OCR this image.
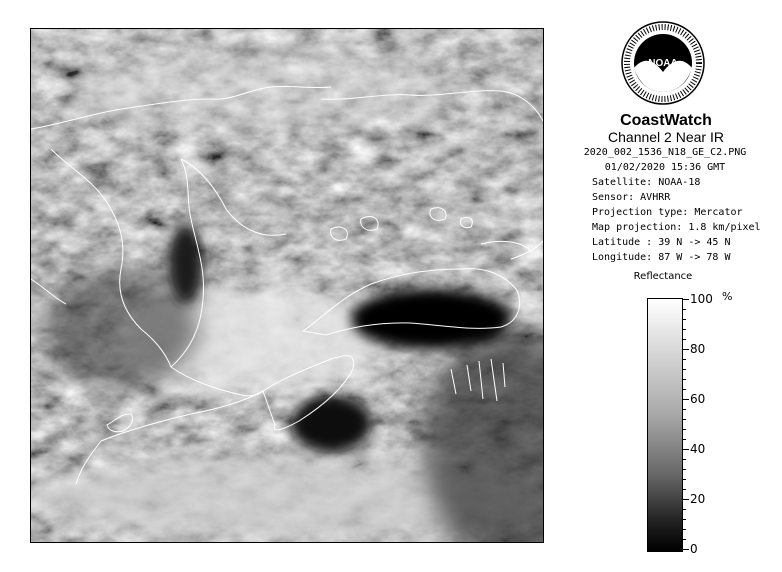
NOAA
CoastWatch
Channel 2 Near IR
2020_002_1536_N18_GE_C2.PNG
01/02/2020 15:36 GMT
Satellite: NOAA-18
Sensor: AVHRR
Projection type: Mercator
Map projection: 1.8 km/pixel
Latitude : 39 N -> 45 N
Longitude: 87 W -> 78 W
Reflectance
%
100
80
60
40
20
0
